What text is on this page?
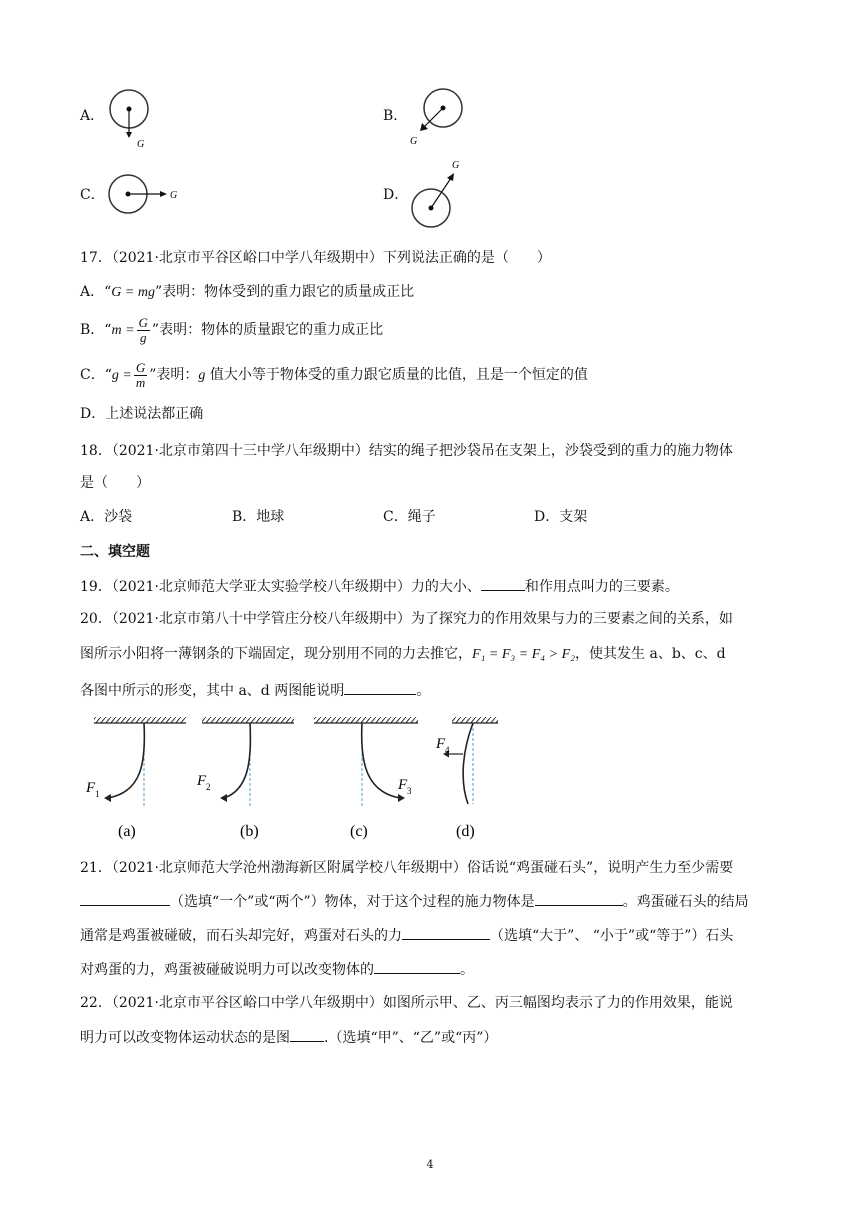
A．
G
B．
G
C．	G	D．
G
17．（2021·北京市平谷区峪口中学八年级期中）下列说法正确的是（　　）
A．“G = mg”表明：物体受到的重力跟它的质量成正比
B．“$m = \frac{G}{g}$ ”表明：物体的质量跟它的重力成正比
C．“$g = \frac{G}{m}$ ”表明：g 值大小等于物体受的重力跟它质量的比值，且是一个恒定的值
D．上述说法都正确
18．（2021·北京市第四十三中学八年级期中）结实的绳子把沙袋吊在支架上，沙袋受到的重力的施力物体
是（　　）
A．沙袋	B．地球	C．绳子	D．支架
二、填空题
19．（2021·北京师范大学亚太实验学校八年级期中）力的大小、	和作用点叫力的三要素。
20．（2021·北京市第八十中学管庄分校八年级期中）为了探究力的作用效果与力的三要素之间的关系，如
图所示小阳将一薄钢条的下端固定，现分别用不同的力去推它，F₁ = F₃ = F₄ > F₂，使其发生 a、b、c、d
各图中所示的形变，其中 a、d 两图能说明	。
F 1
(a)
F 2
(b)
F 3
(c)
F 4
(d)
21．（2021·北京师范大学沧州渤海新区附属学校八年级期中）俗话说“鸡蛋碰石头”，说明产生力至少需要
（选填“一个”或“两个”）物体，对于这个过程的施力物体是	。鸡蛋碰石头的结局
通常是鸡蛋被碰破，而石头却完好，鸡蛋对石头的力	（选填“大于”、 “小于”或“等于”）石头
对鸡蛋的力，鸡蛋被碰破说明力可以改变物体的	。
22．（2021·北京市平谷区峪口中学八年级期中）如图所示甲、乙、丙三幅图均表示了力的作用效果，能说
明力可以改变物体运动状态的是图 .（选填“甲”、“乙”或“丙”）
4
